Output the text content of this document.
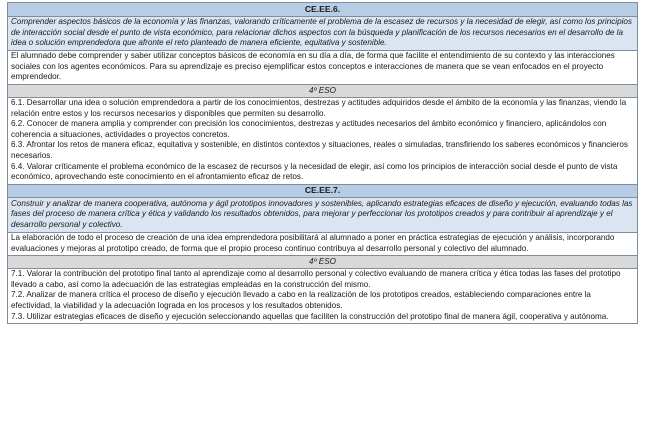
CE.EE.6.
Comprender aspectos básicos de la economía y las finanzas, valorando críticamente el problema de la escasez de recursos y la necesidad de elegir, así como los principios de interacción social desde el punto de vista económico, para relacionar dichos aspectos con la búsqueda y planificación de los recursos necesarios en el desarrollo de la idea o solución emprendedora que afronte el reto planteado de manera eficiente, equitativa y sostenible.
El alumnado debe comprender y saber utilizar conceptos básicos de economía en su día a día, de forma que facilite el entendimiento de su contexto y las interacciones sociales con los agentes económicos. Para su aprendizaje es preciso ejemplificar estos conceptos e interacciones de manera que se vean enfocados en el proyecto emprendedor.
4º ESO

6.1. Desarrollar una idea o solución emprendedora a partir de los conocimientos, destrezas y actitudes adquiridos desde el ámbito de la economía y las finanzas, viendo la relación entre estos y los recursos necesarios y disponibles que permiten su desarrollo.
6.2. Conocer de manera amplia y comprender con precisión los conocimientos, destrezas y actitudes necesarios del ámbito económico y financiero, aplicándolos con coherencia a situaciones, actividades o proyectos concretos.
6.3. Afrontar los retos de manera eficaz, equitativa y sostenible, en distintos contextos y situaciones, reales o simuladas, transfiriendo los saberes económicos y financieros necesarios.
6.4. Valorar críticamente el problema económico de la escasez de recursos y la necesidad de elegir, así como los principios de interacción social desde el punto de vista económico, aprovechando este conocimiento en el afrontamiento eficaz de retos.

CE.EE.7.
Construir y analizar de manera cooperativa, autónoma y ágil prototipos innovadores y sostenibles, aplicando estrategias eficaces de diseño y ejecución, evaluando todas las fases del proceso de manera crítica y ética y validando los resultados obtenidos, para mejorar y perfeccionar los prototipos creados y para contribuir al aprendizaje y el desarrollo personal y colectivo.
La elaboración de todo el proceso de creación de una idea emprendedora posibilitará al alumnado a poner en práctica estrategias de ejecución y análisis, incorporando evaluaciones y mejoras al prototipo creado, de forma que el propio proceso continuo contribuya al desarrollo personal y colectivo del alumnado.
4º ESO

7.1. Valorar la contribución del prototipo final tanto al aprendizaje como al desarrollo personal y colectivo evaluando de manera crítica y ética todas las fases del prototipo llevado a cabo, así como la adecuación de las estrategias empleadas en la construcción del mismo.
7.2. Analizar de manera crítica el proceso de diseño y ejecución llevado a cabo en la realización de los prototipos creados, estableciendo comparaciones entre la efectividad, la viabilidad y la adecuación lograda en los procesos y los resultados obtenidos.
7.3. Utilizar estrategias eficaces de diseño y ejecución seleccionando aquellas que faciliten la construcción del prototipo final de manera ágil, cooperativa y autónoma.
